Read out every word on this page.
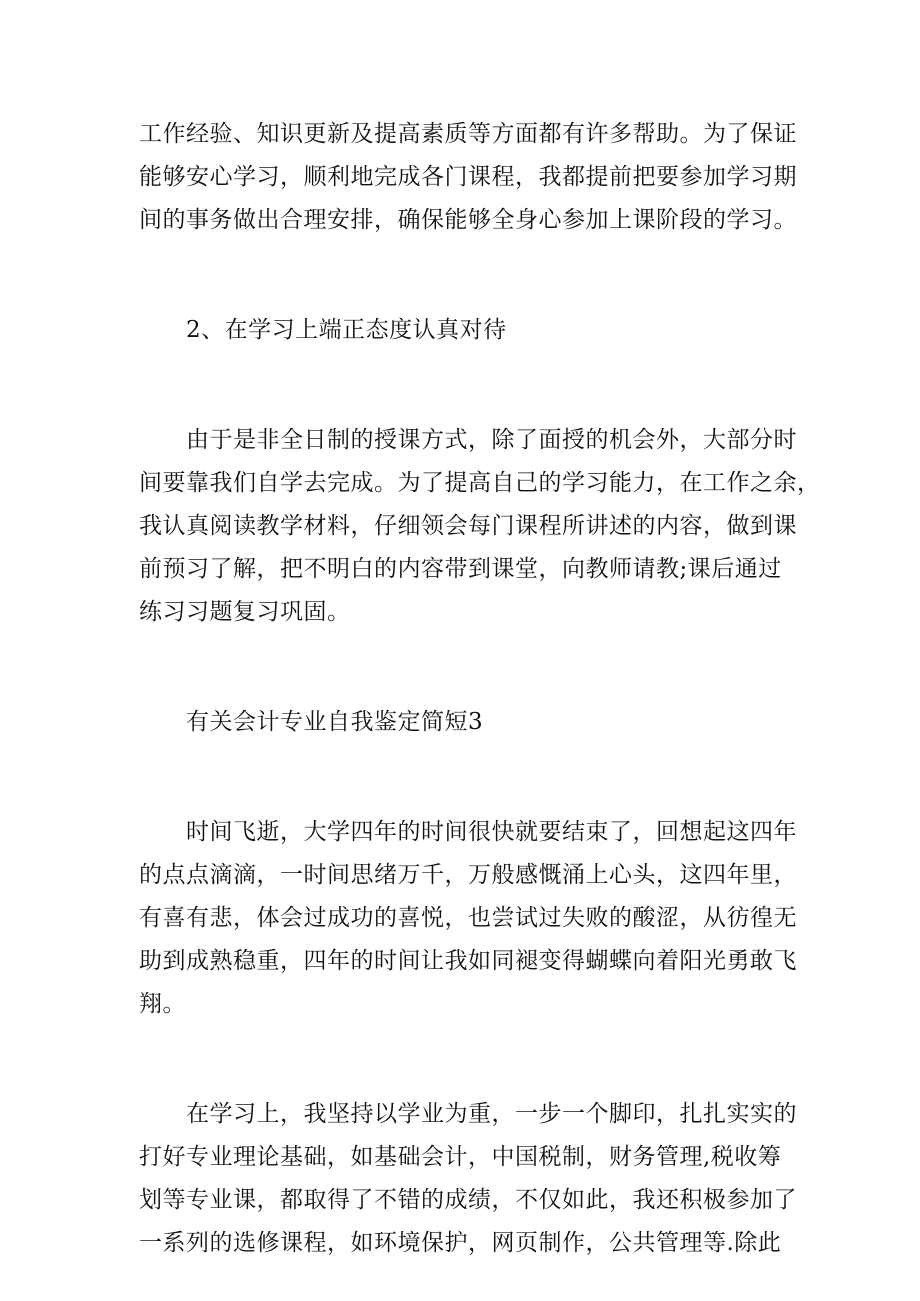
工作经验、知识更新及提高素质等方面都有许多帮助。为了保证
能够安心学习，顺利地完成各门课程，我都提前把要参加学习期
间的事务做出合理安排，确保能够全身心参加上课阶段的学习。
2、在学习上端正态度认真对待
由于是非全日制的授课方式，除了面授的机会外，大部分时
间要靠我们自学去完成。为了提高自己的学习能力，在工作之余，
我认真阅读教学材料，仔细领会每门课程所讲述的内容，做到课
前预习了解，把不明白的内容带到课堂，向教师请教;课后通过
练习习题复习巩固。
有关会计专业自我鉴定简短3
时间飞逝，大学四年的时间很快就要结束了，回想起这四年
的点点滴滴，一时间思绪万千，万般感慨涌上心头，这四年里，
有喜有悲，体会过成功的喜悦，也尝试过失败的酸涩，从彷徨无
助到成熟稳重，四年的时间让我如同褪变得蝴蝶向着阳光勇敢飞
翔。
在学习上，我坚持以学业为重，一步一个脚印，扎扎实实的
打好专业理论基础，如基础会计，中国税制，财务管理,税收筹
划等专业课，都取得了不错的成绩，不仅如此，我还积极参加了
一系列的选修课程，如环境保护，网页制作，公共管理等.除此
